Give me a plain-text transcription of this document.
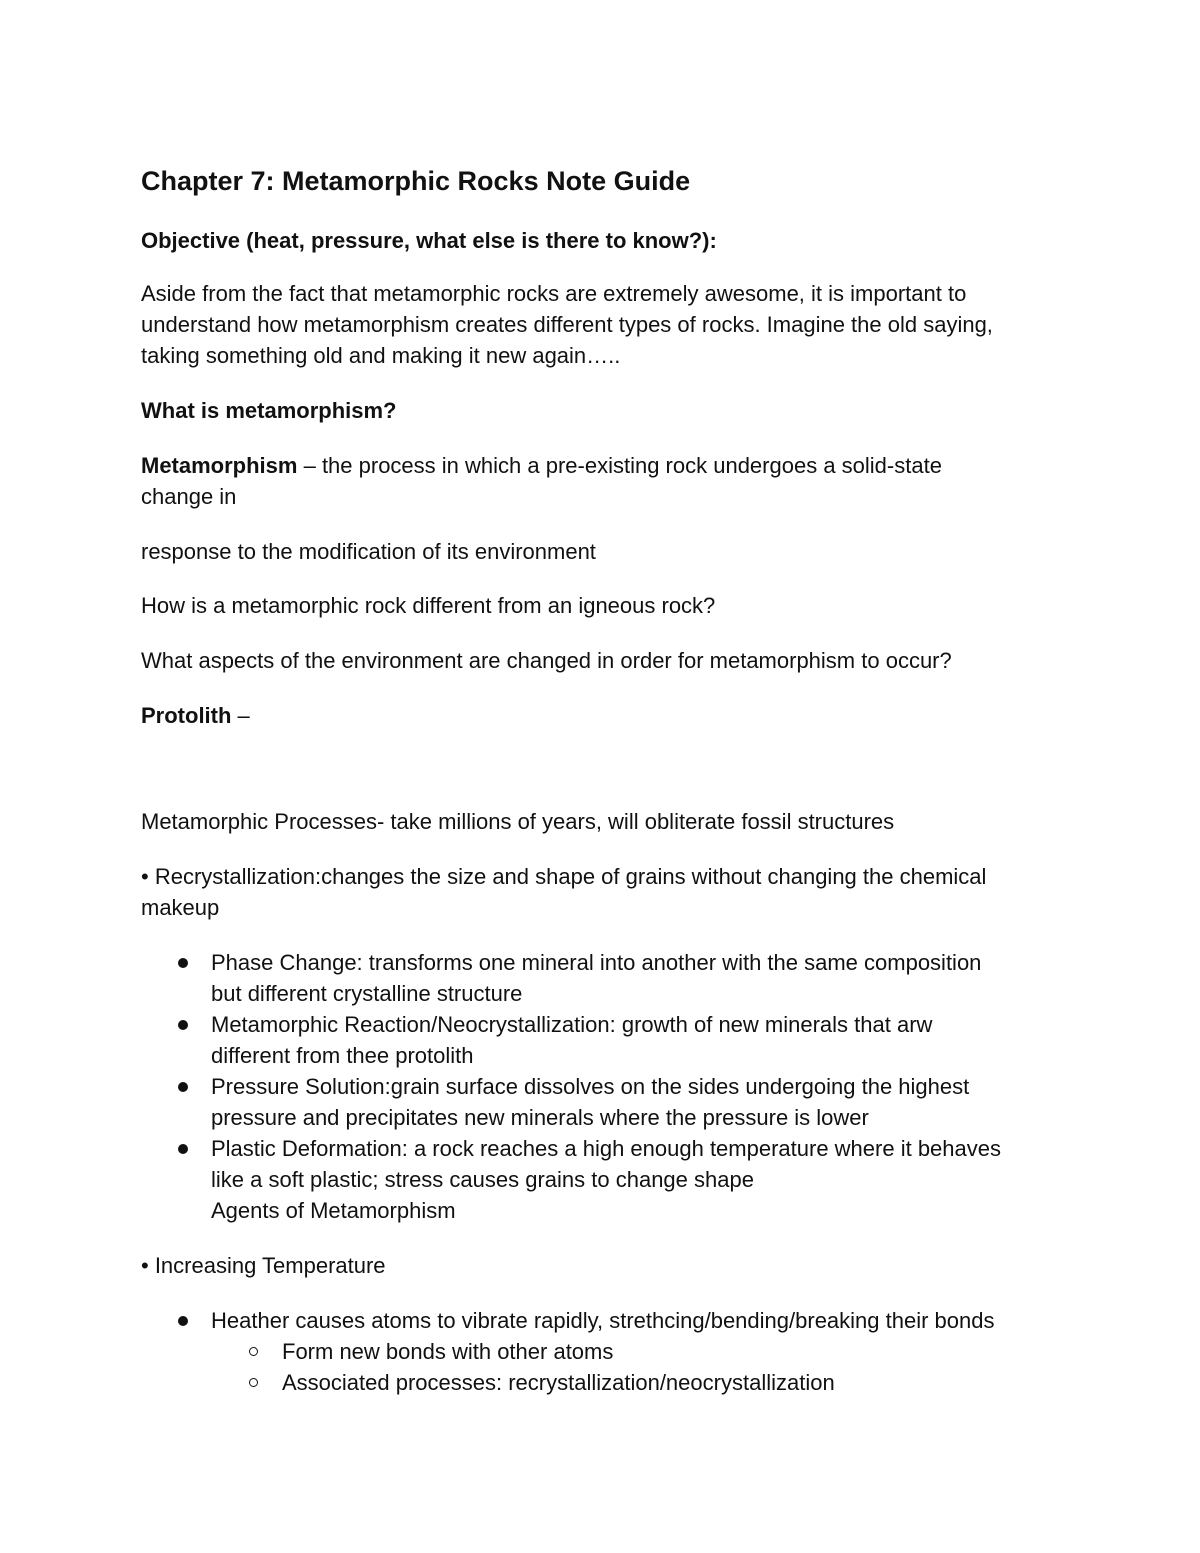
Chapter 7: Metamorphic Rocks Note Guide
Objective (heat, pressure, what else is there to know?):
Aside from the fact that metamorphic rocks are extremely awesome, it is important to
understand how metamorphism creates different types of rocks. Imagine the old saying,
taking something old and making it new again…..
What is metamorphism?
Metamorphism – the process in which a pre-existing rock undergoes a solid-state
change in
response to the modification of its environment
How is a metamorphic rock different from an igneous rock?
What aspects of the environment are changed in order for metamorphism to occur?
Protolith –
Metamorphic Processes- take millions of years, will obliterate fossil structures
• Recrystallization:changes the size and shape of grains without changing the chemical
makeup
Phase Change: transforms one mineral into another with the same composition
but different crystalline structure
Metamorphic Reaction/Neocrystallization: growth of new minerals that arw
different from thee protolith
Pressure Solution:grain surface dissolves on the sides undergoing the highest
pressure and precipitates new minerals where the pressure is lower
Plastic Deformation: a rock reaches a high enough temperature where it behaves
like a soft plastic; stress causes grains to change shape
Agents of Metamorphism
• Increasing Temperature
Heather causes atoms to vibrate rapidly, strethcing/bending/breaking their bonds
Form new bonds with other atoms
Associated processes: recrystallization/neocrystallization
